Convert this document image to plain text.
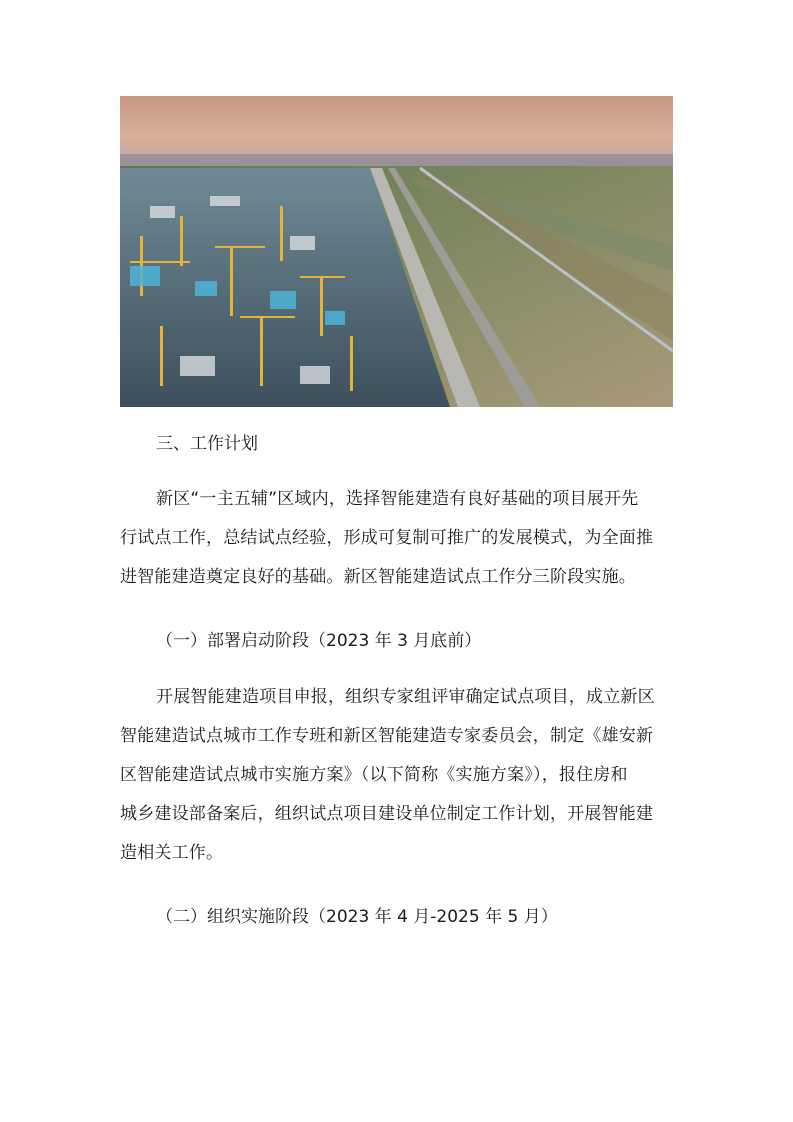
三、工作计划
新区“一主五辅”区域内，选择智能建造有良好基础的项目展开先
行试点工作，总结试点经验，形成可复制可推广的发展模式，为全面推
进智能建造奠定良好的基础。新区智能建造试点工作分三阶段实施。
（一）部署启动阶段（2023 年 3 月底前）
开展智能建造项目申报，组织专家组评审确定试点项目，成立新区
智能建造试点城市工作专班和新区智能建造专家委员会，制定《雄安新
区智能建造试点城市实施方案》（以下简称《实施方案》），报住房和
城乡建设部备案后，组织试点项目建设单位制定工作计划，开展智能建
造相关工作。
（二）组织实施阶段（2023 年 4 月-2025 年 5 月）
